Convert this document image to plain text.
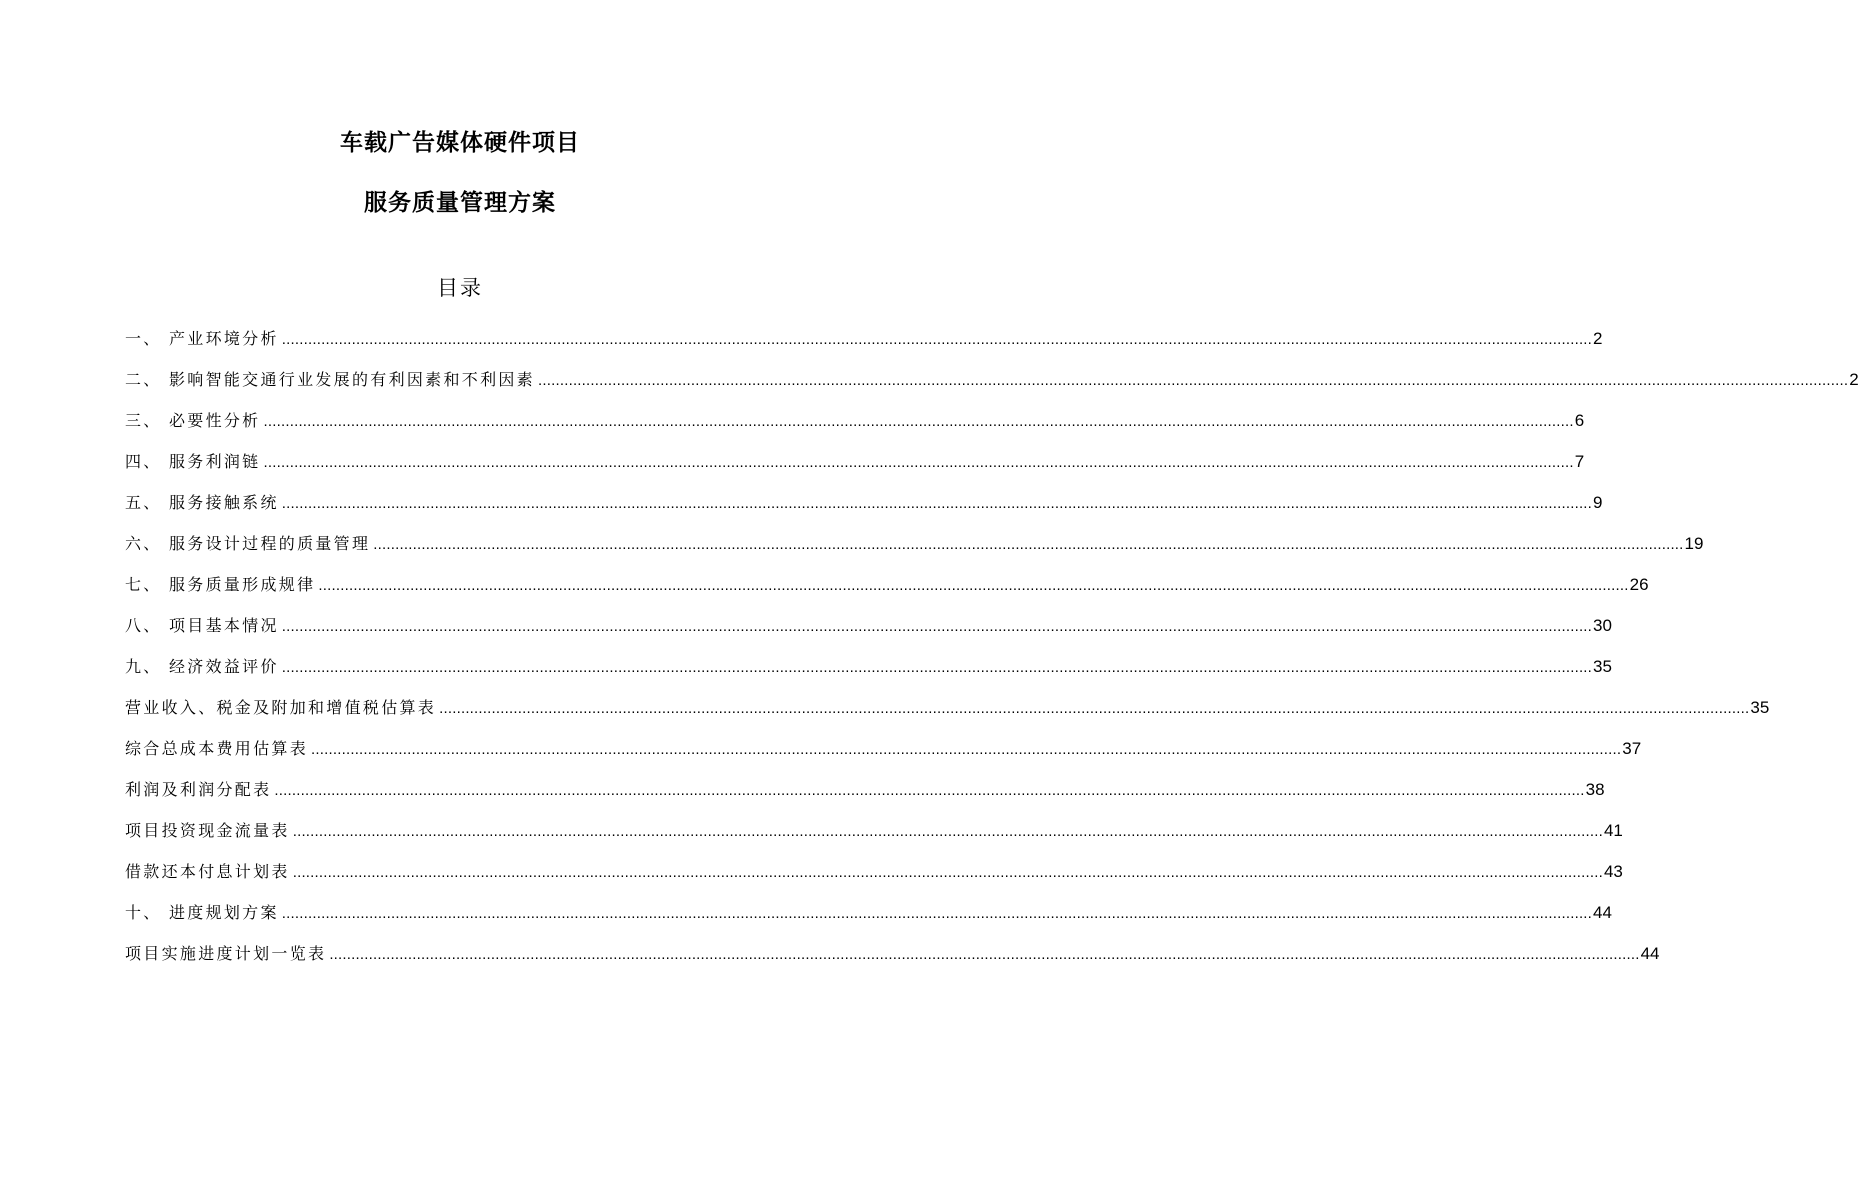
车载广告媒体硬件项目
服务质量管理方案
目录
一、 产业环境分析 ............................................................................................................................................................................................................................................................................................................ 2
二、 影响智能交通行业发展的有利因素和不利因素 ............................................................................................................................................................................................................................................................................................................ 2
三、 必要性分析 ............................................................................................................................................................................................................................................................................................................ 6
四、 服务利润链 ............................................................................................................................................................................................................................................................................................................ 7
五、 服务接触系统 ............................................................................................................................................................................................................................................................................................................ 9
六、 服务设计过程的质量管理 ............................................................................................................................................................................................................................................................................................................ 19
七、 服务质量形成规律 ............................................................................................................................................................................................................................................................................................................ 26
八、 项目基本情况 ............................................................................................................................................................................................................................................................................................................ 30
九、 经济效益评价 ............................................................................................................................................................................................................................................................................................................ 35
营业收入、税金及附加和增值税估算表 ............................................................................................................................................................................................................................................................................................................ 35
综合总成本费用估算表 ............................................................................................................................................................................................................................................................................................................ 37
利润及利润分配表 ............................................................................................................................................................................................................................................................................................................ 38
项目投资现金流量表 ............................................................................................................................................................................................................................................................................................................ 41
借款还本付息计划表 ............................................................................................................................................................................................................................................................................................................ 43
十、 进度规划方案 ............................................................................................................................................................................................................................................................................................................ 44
项目实施进度计划一览表 ............................................................................................................................................................................................................................................................................................................ 44
